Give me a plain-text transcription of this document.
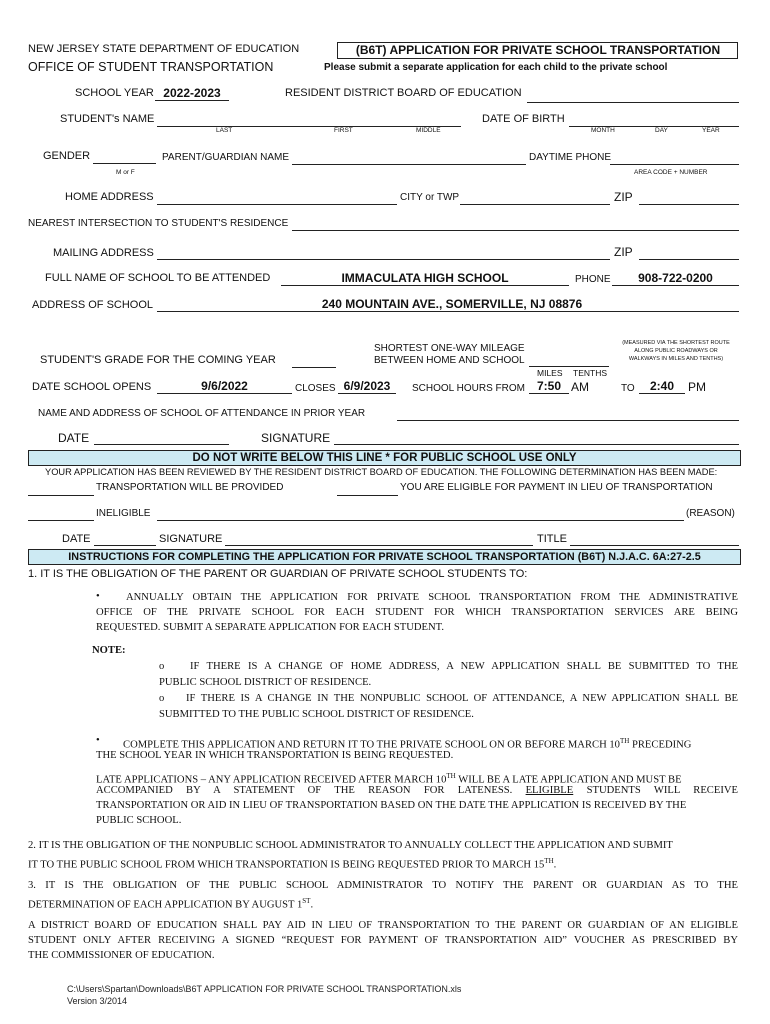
NEW JERSEY STATE DEPARTMENT OF EDUCATION
OFFICE OF STUDENT TRANSPORTATION
(B6T) APPLICATION FOR PRIVATE SCHOOL TRANSPORTATION
Please submit a separate application for each child to the private school
SCHOOL YEAR 2022-2023	RESIDENT DISTRICT BOARD OF EDUCATION
STUDENT's NAME
LAST	FIRST	MIDDLE
DATE OF BIRTH
MONTH	DAY	YEAR
GENDER
M or F
PARENT/GUARDIAN NAME	DAYTIME PHONE
AREA CODE + NUMBER
HOME ADDRESS	CITY or TWP	ZIP
NEAREST INTERSECTION TO STUDENT'S RESIDENCE
MAILING ADDRESS	ZIP
FULL NAME OF SCHOOL TO BE ATTENDED	IMMACULATA HIGH SCHOOL	PHONE	908-722-0200
ADDRESS OF SCHOOL	240 MOUNTAIN AVE., SOMERVILLE, NJ 08876
SHORTEST ONE-WAY MILEAGE
BETWEEN HOME AND SCHOOL
(MEASURED VIA THE SHORTEST ROUTE
ALONG PUBLIC ROADWAYS OR
WALKWAYS IN MILES AND TENTHS)
STUDENT'S GRADE FOR THE COMING YEAR
MILES TENTHS
DATE SCHOOL OPENS	9/6/2022	CLOSES 6/9/2023	SCHOOL HOURS FROM	7:50 AM	TO	2:40	PM
NAME AND ADDRESS OF SCHOOL OF ATTENDANCE IN PRIOR YEAR
DATE	SIGNATURE
DO NOT WRITE BELOW THIS LINE * FOR PUBLIC SCHOOL USE ONLY
YOUR APPLICATION HAS BEEN REVIEWED BY THE RESIDENT DISTRICT BOARD OF EDUCATION. THE FOLLOWING DETERMINATION HAS BEEN MADE:
TRANSPORTATION WILL BE PROVIDED	YOU ARE ELIGIBLE FOR PAYMENT IN LIEU OF TRANSPORTATION
INELIGIBLE	(REASON)
DATE	SIGNATURE	TITLE
INSTRUCTIONS FOR COMPLETING THE APPLICATION FOR PRIVATE SCHOOL TRANSPORTATION (B6T) N.J.A.C. 6A:27-2.5
1. IT IS THE OBLIGATION OF THE PARENT OR GUARDIAN OF PRIVATE SCHOOL STUDENTS TO:
• ANNUALLY OBTAIN THE APPLICATION FOR PRIVATE SCHOOL TRANSPORTATION FROM THE ADMINISTRATIVE
OFFICE OF THE PRIVATE SCHOOL FOR EACH STUDENT FOR WHICH TRANSPORTATION SERVICES ARE BEING
REQUESTED. SUBMIT A SEPARATE APPLICATION FOR EACH STUDENT.
NOTE:
o IF THERE IS A CHANGE OF HOME ADDRESS, A NEW APPLICATION SHALL BE SUBMITTED TO THE
PUBLIC SCHOOL DISTRICT OF RESIDENCE.
o IF THERE IS A CHANGE IN THE NONPUBLIC SCHOOL OF ATTENDANCE, A NEW APPLICATION SHALL BE
SUBMITTED TO THE PUBLIC SCHOOL DISTRICT OF RESIDENCE.
• COMPLETE THIS APPLICATION AND RETURN IT TO THE PRIVATE SCHOOL ON OR BEFORE MARCH 10TH PRECEDING
THE SCHOOL YEAR IN WHICH TRANSPORTATION IS BEING REQUESTED.
LATE APPLICATIONS – ANY APPLICATION RECEIVED AFTER MARCH 10TH WILL BE A LATE APPLICATION AND MUST BE
ACCOMPANIED BY A STATEMENT OF THE REASON FOR LATENESS. ELIGIBLE STUDENTS WILL RECEIVE
TRANSPORTATION OR AID IN LIEU OF TRANSPORTATION BASED ON THE DATE THE APPLICATION IS RECEIVED BY THE
PUBLIC SCHOOL.
2. IT IS THE OBLIGATION OF THE NONPUBLIC SCHOOL ADMINISTRATOR TO ANNUALLY COLLECT THE APPLICATION AND SUBMIT
IT TO THE PUBLIC SCHOOL FROM WHICH TRANSPORTATION IS BEING REQUESTED PRIOR TO MARCH 15TH.
3. IT IS THE OBLIGATION OF THE PUBLIC SCHOOL ADMINISTRATOR TO NOTIFY THE PARENT OR GUARDIAN AS TO THE
DETERMINATION OF EACH APPLICATION BY AUGUST 1ST.
A DISTRICT BOARD OF EDUCATION SHALL PAY AID IN LIEU OF TRANSPORTATION TO THE PARENT OR GUARDIAN OF AN ELIGIBLE
STUDENT ONLY AFTER RECEIVING A SIGNED “REQUEST FOR PAYMENT OF TRANSPORTATION AID” VOUCHER AS PRESCRIBED BY
THE COMMISSIONER OF EDUCATION.
C:\Users\Spartan\Downloads\B6T APPLICATION FOR PRIVATE SCHOOL TRANSPORTATION.xls
Version 3/2014
